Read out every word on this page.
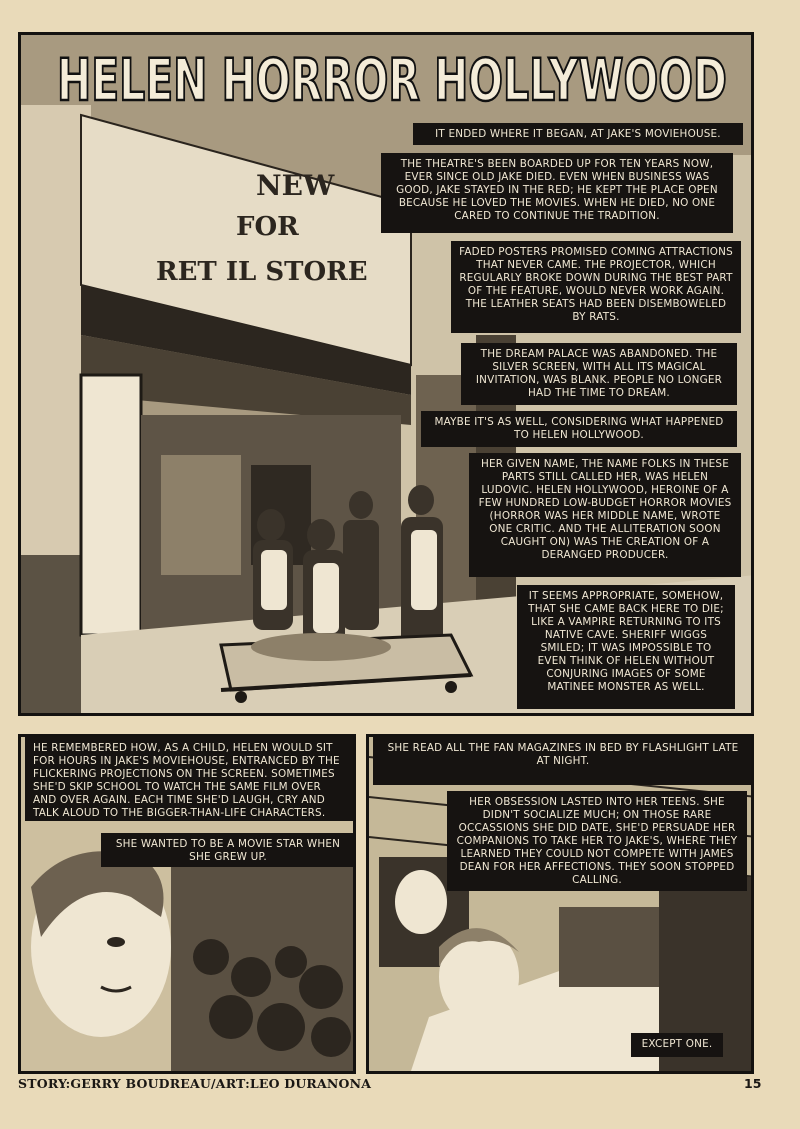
NEW
FOR
RET IL STORE
IT ENDED WHERE IT BEGAN, AT JAKE'S MOVIEHOUSE.
THE THEATRE'S BEEN BOARDED UP FOR TEN YEARS NOW, EVER SINCE OLD JAKE DIED. EVEN WHEN BUSINESS WAS GOOD, JAKE STAYED IN THE RED; HE KEPT THE PLACE OPEN BECAUSE HE LOVED THE MOVIES. WHEN HE DIED, NO ONE CARED TO CONTINUE THE TRADITION.
FADED POSTERS PROMISED COMING ATTRACTIONS THAT NEVER CAME. THE PROJECTOR, WHICH REGULARLY BROKE DOWN DURING THE BEST PART OF THE FEATURE, WOULD NEVER WORK AGAIN. THE LEATHER SEATS HAD BEEN DISEMBOWELED BY RATS.
THE DREAM PALACE WAS ABANDONED. THE SILVER SCREEN, WITH ALL ITS MAGICAL INVITATION, WAS BLANK. PEOPLE NO LONGER HAD THE TIME TO DREAM.
MAYBE IT'S AS WELL, CONSIDERING WHAT HAPPENED TO HELEN HOLLYWOOD.
HER GIVEN NAME, THE NAME FOLKS IN THESE PARTS STILL CALLED HER, WAS HELEN LUDOVIC. HELEN HOLLYWOOD, HEROINE OF A FEW HUNDRED LOW-BUDGET HORROR MOVIES (HORROR WAS HER MIDDLE NAME, WROTE ONE CRITIC. AND THE ALLITERATION SOON CAUGHT ON) WAS THE CREATION OF A DERANGED PRODUCER.
IT SEEMS APPROPRIATE, SOMEHOW, THAT SHE CAME BACK HERE TO DIE; LIKE A VAMPIRE RETURNING TO ITS NATIVE CAVE. SHERIFF WIGGS SMILED; IT WAS IMPOSSIBLE TO EVEN THINK OF HELEN WITHOUT CONJURING IMAGES OF SOME MATINEE MONSTER AS WELL.
HELEN HORROR HOLLYWOOD
HE REMEMBERED HOW, AS A CHILD, HELEN WOULD SIT FOR HOURS IN JAKE'S MOVIEHOUSE, ENTRANCED BY THE FLICKERING PROJECTIONS ON THE SCREEN. SOMETIMES SHE'D SKIP SCHOOL TO WATCH THE SAME FILM OVER AND OVER AGAIN. EACH TIME SHE'D LAUGH, CRY AND TALK ALOUD TO THE BIGGER-THAN-LIFE CHARACTERS.
SHE WANTED TO BE A MOVIE STAR WHEN SHE GREW UP.
SHE READ ALL THE FAN MAGAZINES IN BED BY FLASHLIGHT LATE AT NIGHT.
HER OBSESSION LASTED INTO HER TEENS. SHE DIDN'T SOCIALIZE MUCH; ON THOSE RARE OCCASSIONS SHE DID DATE, SHE'D PERSUADE HER COMPANIONS TO TAKE HER TO JAKE'S, WHERE THEY LEARNED THEY COULD NOT COMPETE WITH JAMES DEAN FOR HER AFFECTIONS. THEY SOON STOPPED CALLING.
EXCEPT ONE.
STORY:GERRY BOUDREAU/ART:LEO DURANONA	15
